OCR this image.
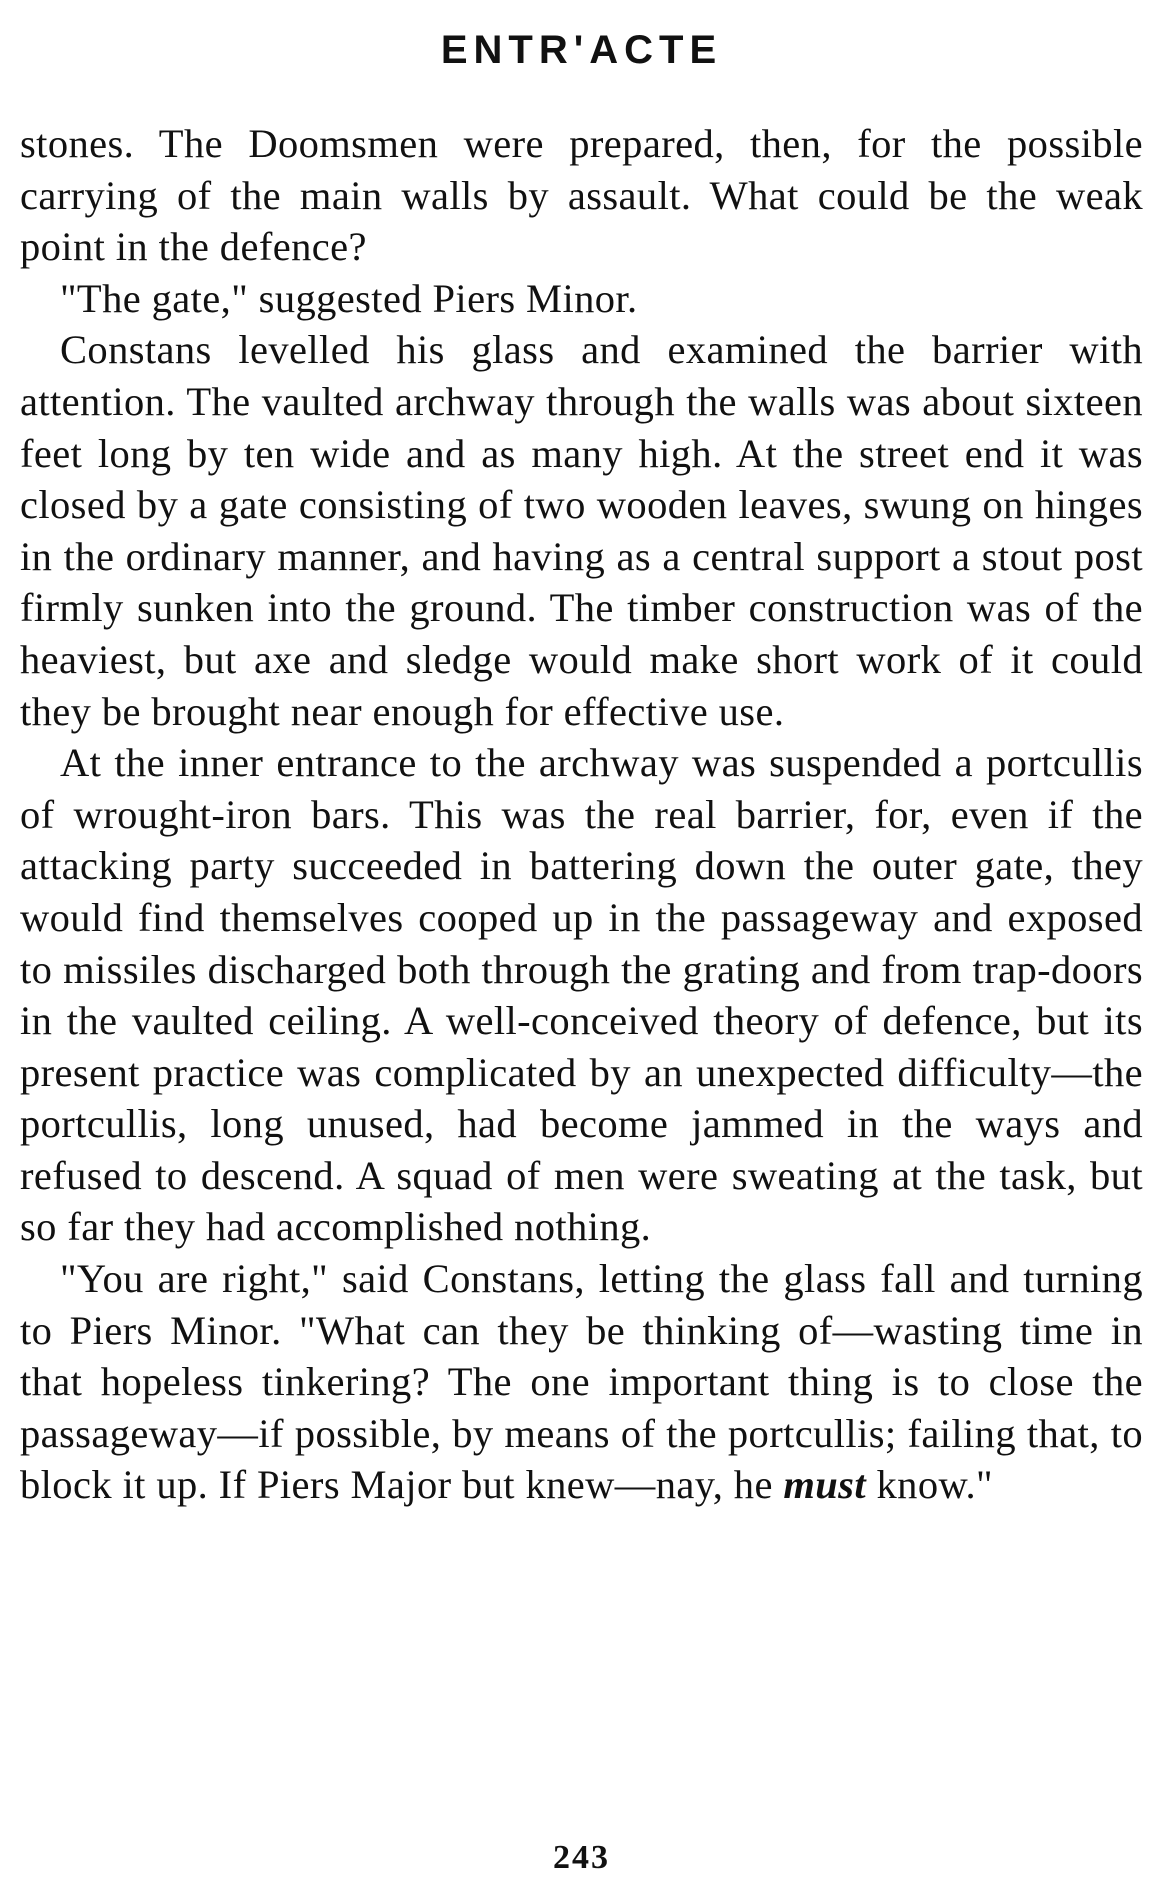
ENTR'ACTE

stones. The Doomsmen were prepared, then, for the possible carrying of the main walls by assault. What could be the weak point in the defence?

"The gate," suggested Piers Minor.

Constans levelled his glass and examined the barrier with attention. The vaulted archway through the walls was about sixteen feet long by ten wide and as many high. At the street end it was closed by a gate consisting of two wooden leaves, swung on hinges in the ordinary manner, and having as a central support a stout post firmly sunken into the ground. The timber construction was of the heaviest, but axe and sledge would make short work of it could they be brought near enough for effective use.

At the inner entrance to the archway was suspended a portcullis of wrought-iron bars. This was the real barrier, for, even if the attacking party succeeded in battering down the outer gate, they would find themselves cooped up in the passageway and exposed to missiles discharged both through the grating and from trap-doors in the vaulted ceiling. A well-conceived theory of defence, but its present practice was complicated by an unexpected difficulty—the portcullis, long unused, had become jammed in the ways and refused to descend. A squad of men were sweating at the task, but so far they had accomplished nothing.

"You are right," said Constans, letting the glass fall and turning to Piers Minor. "What can they be thinking of—wasting time in that hopeless tinkering? The one important thing is to close the passageway—if possible, by means of the portcullis; failing that, to block it up. If Piers Major but knew—nay, he must know."

243
